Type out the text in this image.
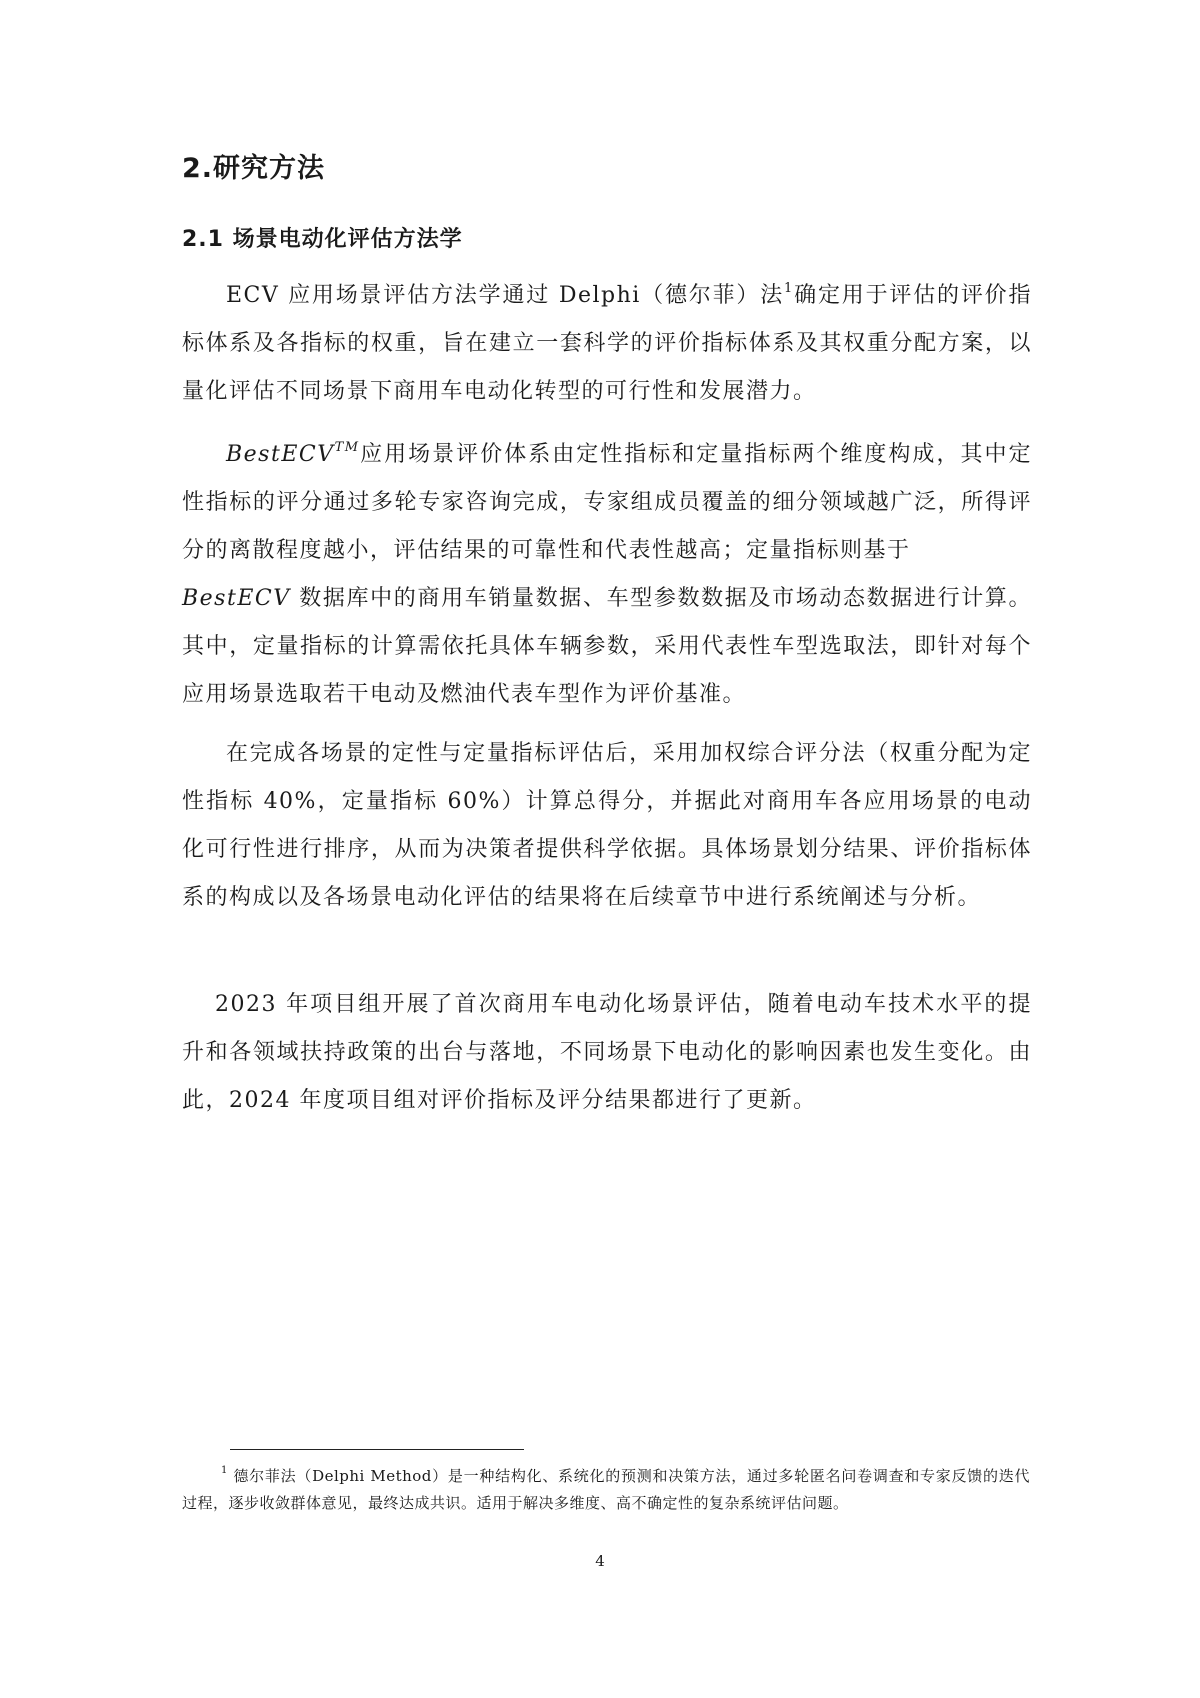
2.研究方法
2.1 场景电动化评估方法学

ECV 应用场景评估方法学通过 Delphi（德尔菲）法$^1$确定用于评估的评价指标体系及各指标的权重，旨在建立一套科学的评价指标体系及其权重分配方案，以量化评估不同场景下商用车电动化转型的可行性和发展潜力。

BestECV™应用场景评价体系由定性指标和定量指标两个维度构成，其中定性指标的评分通过多轮专家咨询完成，专家组成员覆盖的细分领域越广泛，所得评分的离散程度越小，评估结果的可靠性和代表性越高；定量指标则基于
BestECV 数据库中的商用车销量数据、车型参数数据及市场动态数据进行计算。其中，定量指标的计算需依托具体车辆参数，采用代表性车型选取法，即针对每个应用场景选取若干电动及燃油代表车型作为评价基准。

在完成各场景的定性与定量指标评估后，采用加权综合评分法（权重分配为定性指标 40%，定量指标 60%）计算总得分，并据此对商用车各应用场景的电动化可行性进行排序，从而为决策者提供科学依据。具体场景划分结果、评价指标体系的构成以及各场景电动化评估的结果将在后续章节中进行系统阐述与分析。

2023 年项目组开展了首次商用车电动化场景评估，随着电动车技术水平的提升和各领域扶持政策的出台与落地，不同场景下电动化的影响因素也发生变化。由此，2024 年度项目组对评价指标及评分结果都进行了更新。

$^1$ 德尔菲法（Delphi Method）是一种结构化、系统化的预测和决策方法，通过多轮匿名问卷调查和专家反馈的迭代过程，逐步收敛群体意见，最终达成共识。适用于解决多维度、高不确定性的复杂系统评估问题。

4
